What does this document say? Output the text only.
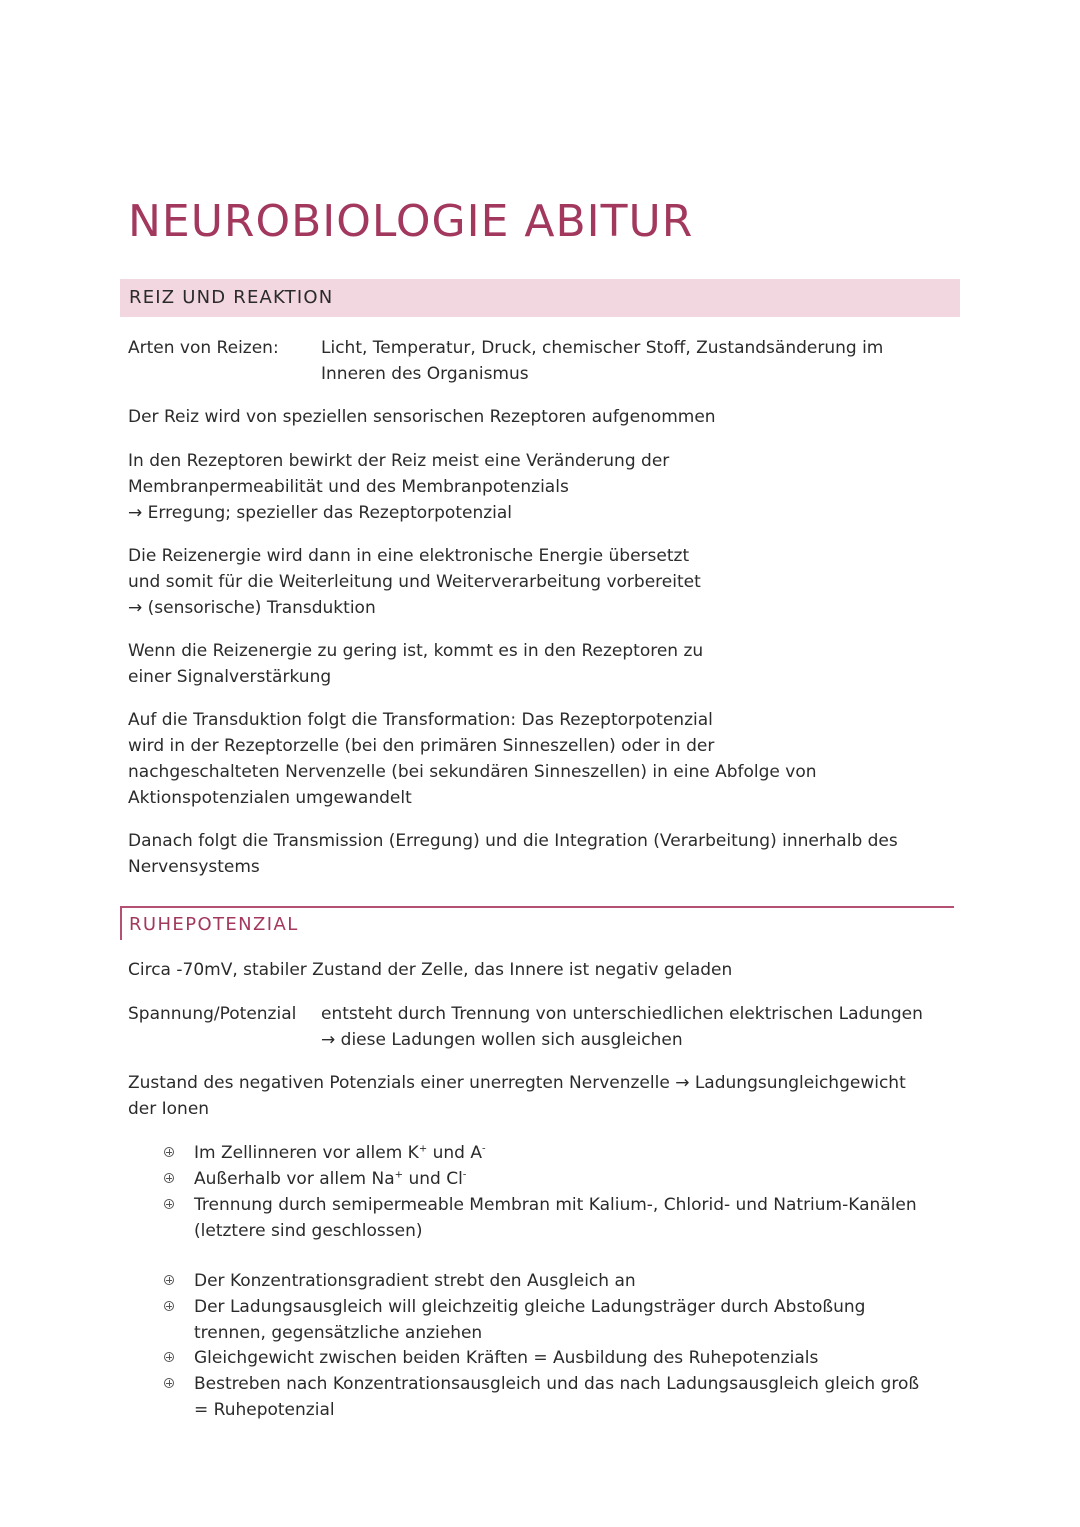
NEUROBIOLOGIE ABITUR
REIZ UND REAKTION
Arten von Reizen: Licht, Temperatur, Druck, chemischer Stoff, Zustandsänderung im
Inneren des Organismus
Der Reiz wird von speziellen sensorischen Rezeptoren aufgenommen
In den Rezeptoren bewirkt der Reiz meist eine Veränderung der
Membranpermeabilität und des Membranpotenzials
→ Erregung; spezieller das Rezeptorpotenzial
Die Reizenergie wird dann in eine elektronische Energie übersetzt
und somit für die Weiterleitung und Weiterverarbeitung vorbereitet
→ (sensorische) Transduktion
Wenn die Reizenergie zu gering ist, kommt es in den Rezeptoren zu
einer Signalverstärkung
Auf die Transduktion folgt die Transformation: Das Rezeptorpotenzial
wird in der Rezeptorzelle (bei den primären Sinneszellen) oder in der
nachgeschalteten Nervenzelle (bei sekundären Sinneszellen) in eine Abfolge von
Aktionspotenzialen umgewandelt
Danach folgt die Transmission (Erregung) und die Integration (Verarbeitung) innerhalb des
Nervensystems
RUHEPOTENZIAL
Circa -70mV, stabiler Zustand der Zelle, das Innere ist negativ geladen
Spannung/Potenzial entsteht durch Trennung von unterschiedlichen elektrischen Ladungen
→ diese Ladungen wollen sich ausgleichen
Zustand des negativen Potenzials einer unerregten Nervenzelle → Ladungsungleichgewicht
der Ionen
Im Zellinneren vor allem K+ und A-
Außerhalb vor allem Na+ und Cl-
Trennung durch semipermeable Membran mit Kalium-, Chlorid- und Natrium-Kanälen
(letztere sind geschlossen)
Der Konzentrationsgradient strebt den Ausgleich an
Der Ladungsausgleich will gleichzeitig gleiche Ladungsträger durch Abstoßung
trennen, gegensätzliche anziehen
Gleichgewicht zwischen beiden Kräften = Ausbildung des Ruhepotenzials
Bestreben nach Konzentrationsausgleich und das nach Ladungsausgleich gleich groß
= Ruhepotenzial
